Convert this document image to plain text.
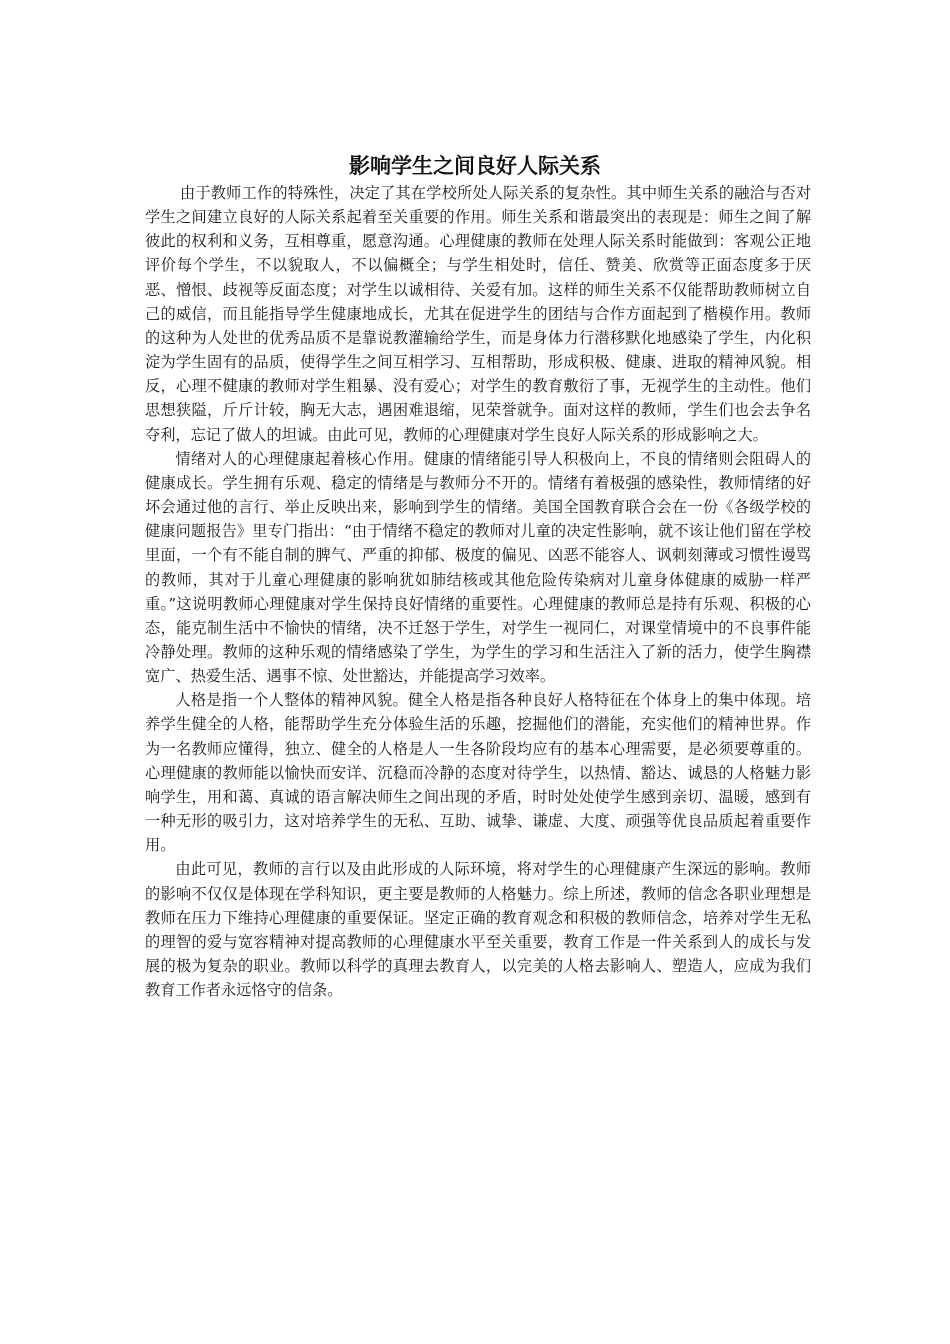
影响学生之间良好人际关系

由于教师工作的特殊性，决定了其在学校所处人际关系的复杂性。其中师生关系的融洽与否对学生之间建立良好的人际关系起着至关重要的作用。师生关系和谐最突出的表现是：师生之间了解彼此的权利和义务，互相尊重，愿意沟通。心理健康的教师在处理人际关系时能做到：客观公正地评价每个学生，不以貌取人，不以偏概全；与学生相处时，信任、赞美、欣赏等正面态度多于厌恶、憎恨、歧视等反面态度；对学生以诚相待、关爱有加。这样的师生关系不仅能帮助教师树立自己的威信，而且能指导学生健康地成长，尤其在促进学生的团结与合作方面起到了楷模作用。教师的这种为人处世的优秀品质不是靠说教灌输给学生，而是身体力行潜移默化地感染了学生，内化积淀为学生固有的品质，使得学生之间互相学习、互相帮助，形成积极、健康、进取的精神风貌。相反，心理不健康的教师对学生粗暴、没有爱心；对学生的教育敷衍了事，无视学生的主动性。他们思想狭隘，斤斤计较，胸无大志，遇困难退缩，见荣誉就争。面对这样的教师，学生们也会去争名夺利，忘记了做人的坦诚。由此可见，教师的心理健康对学生良好人际关系的形成影响之大。

情绪对人的心理健康起着核心作用。健康的情绪能引导人积极向上，不良的情绪则会阻碍人的健康成长。学生拥有乐观、稳定的情绪是与教师分不开的。情绪有着极强的感染性，教师情绪的好坏会通过他的言行、举止反映出来，影响到学生的情绪。美国全国教育联合会在一份《各级学校的健康问题报告》里专门指出：“由于情绪不稳定的教师对儿童的决定性影响，就不该让他们留在学校里面，一个有不能自制的脾气、严重的抑郁、极度的偏见、凶恶不能容人、讽刺刻薄或习惯性谩骂的教师，其对于儿童心理健康的影响犹如肺结核或其他危险传染病对儿童身体健康的威胁一样严重。”这说明教师心理健康对学生保持良好情绪的重要性。心理健康的教师总是持有乐观、积极的心态，能克制生活中不愉快的情绪，决不迁怒于学生，对学生一视同仁，对课堂情境中的不良事件能冷静处理。教师的这种乐观的情绪感染了学生，为学生的学习和生活注入了新的活力，使学生胸襟宽广、热爱生活、遇事不惊、处世豁达，并能提高学习效率。

人格是指一个人整体的精神风貌。健全人格是指各种良好人格特征在个体身上的集中体现。培养学生健全的人格，能帮助学生充分体验生活的乐趣，挖掘他们的潜能，充实他们的精神世界。作为一名教师应懂得，独立、健全的人格是人一生各阶段均应有的基本心理需要，是必须要尊重的。心理健康的教师能以愉快而安详、沉稳而冷静的态度对待学生，以热情、豁达、诚恳的人格魅力影响学生，用和蔼、真诚的语言解决师生之间出现的矛盾，时时处处使学生感到亲切、温暖，感到有一种无形的吸引力，这对培养学生的无私、互助、诚挚、谦虚、大度、顽强等优良品质起着重要作用。

由此可见，教师的言行以及由此形成的人际环境，将对学生的心理健康产生深远的影响。教师的影响不仅仅是体现在学科知识，更主要是教师的人格魅力。综上所述，教师的信念各职业理想是教师在压力下维持心理健康的重要保证。坚定正确的教育观念和积极的教师信念，培养对学生无私的理智的爱与宽容精神对提高教师的心理健康水平至关重要，教育工作是一件关系到人的成长与发展的极为复杂的职业。教师以科学的真理去教育人，以完美的人格去影响人、塑造人，应成为我们教育工作者永远恪守的信条。
